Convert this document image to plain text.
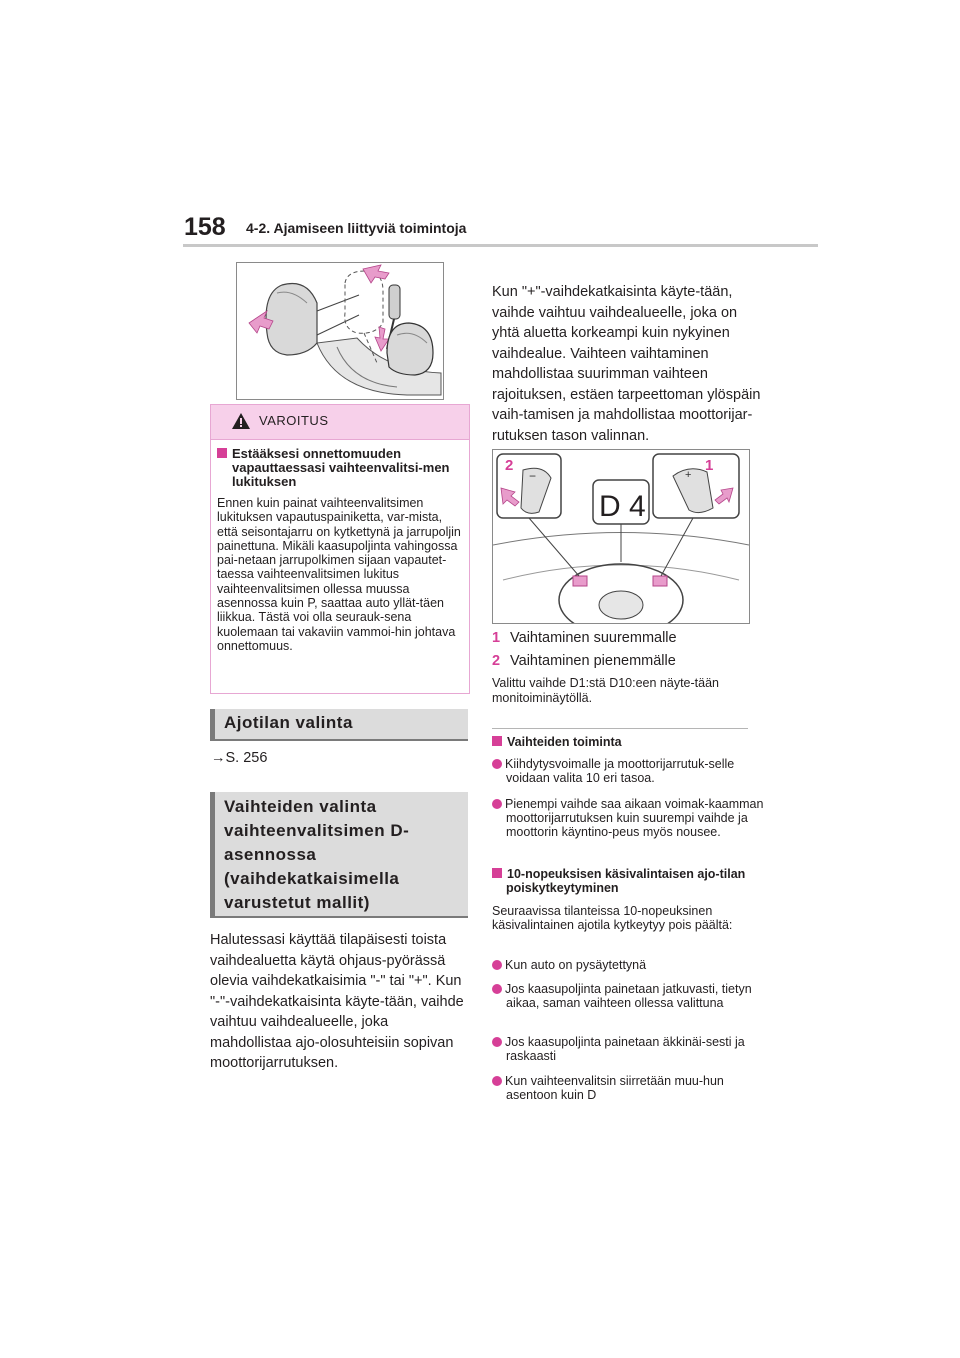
158 4-2. Ajamiseen liittyviä toimintoja
VAROITUS
Estääksesi onnettomuuden vapauttaessasi vaihteenvalitsi-men lukituksen
Ennen kuin painat vaihteenvalitsimen lukituksen vapautuspainiketta, var-mista, että seisontajarru on kytkettynä ja jarrupoljin painettuna. Mikäli kaasupoljinta vahingossa pai-netaan jarrupolkimen sijaan vapautet-taessa vaihteenvalitsimen lukitus vaihteenvalitsimen ollessa muussa asennossa kuin P, saattaa auto yllät-täen liikkua. Tästä voi olla seurauk-sena kuolemaan tai vakaviin vammoi-hin johtava onnettomuus.
Ajotilan valinta
→S. 256
Vaihteiden valinta vaihteenvalitsimen D-asennossa (vaihdekatkaisimella varustetut mallit)
Halutessasi käyttää tilapäisesti toista vaihdealuetta käytä ohjaus-pyörässä olevia vaihdekatkaisimia "-" tai "+". Kun "-"-vaihdekatkaisinta käyte-tään, vaihde vaihtuu vaihdealueelle, joka mahdollistaa ajo-olosuhteisiin sopivan moottorijarrutuksen.
Kun "+"-vaihdekatkaisinta käyte-tään, vaihde vaihtuu vaihdealueelle, joka on yhtä aluetta korkeampi kuin nykyinen vaihdealue. Vaihteen vaihtaminen mahdollistaa suurimman vaihteen rajoituksen, estäen tarpeettoman ylöspäin vaih-tamisen ja mahdollistaa moottorijar-rutuksen tason valinnan.
2
−
1
+
D 4
1 Vaihtaminen suuremmalle
2 Vaihtaminen pienemmälle
Valittu vaihde D1:stä D10:een näyte-tään monitoiminäytöllä.
Vaihteiden toiminta
Kiihdytysvoimalle ja moottorijarrutuk-selle voidaan valita 10 eri tasoa.
Pienempi vaihde saa aikaan voimak-kaamman moottorijarrutuksen kuin suurempi vaihde ja moottorin käyntino-peus myös nousee.
10-nopeuksisen käsivalintaisen ajo-tilan poiskytkeytyminen
Seuraavissa tilanteissa 10-nopeuksinen käsivalintainen ajotila kytkeytyy pois päältä:
Kun auto on pysäytettynä
Jos kaasupoljinta painetaan jatkuvasti, tietyn aikaa, saman vaihteen ollessa valittuna
Jos kaasupoljinta painetaan äkkinäi-sesti ja raskaasti
Kun vaihteenvalitsin siirretään muu-hun asentoon kuin D
